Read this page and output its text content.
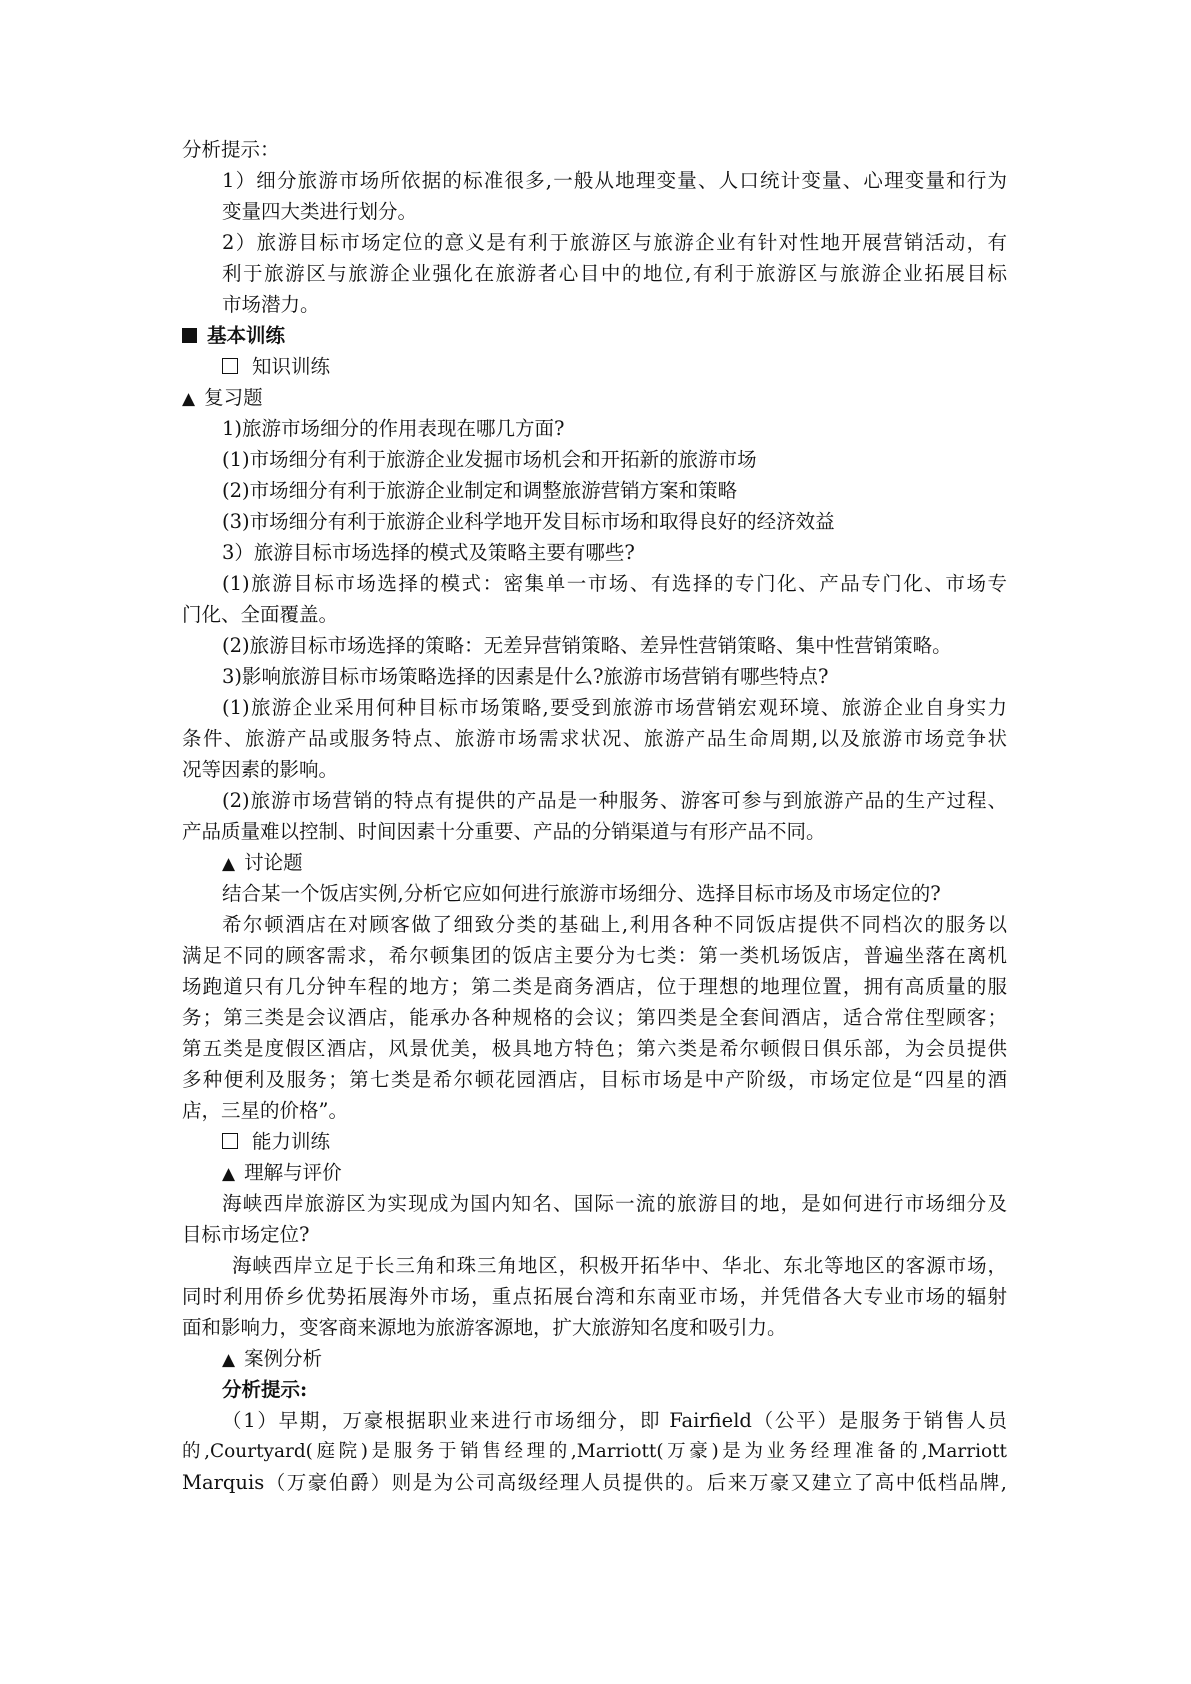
分析提示：
1）细分旅游市场所依据的标准很多,一般从地理变量、人口统计变量、心理变量和行为
变量四大类进行划分。
2）旅游目标市场定位的意义是有利于旅游区与旅游企业有针对性地开展营销活动，有
利于旅游区与旅游企业强化在旅游者心目中的地位,有利于旅游区与旅游企业拓展目标
市场潜力。
基本训练
知识训练
▲ 复习题
1)旅游市场细分的作用表现在哪几方面?
(1)市场细分有利于旅游企业发掘市场机会和开拓新的旅游市场
(2)市场细分有利于旅游企业制定和调整旅游营销方案和策略
(3)市场细分有利于旅游企业科学地开发目标市场和取得良好的经济效益
3）旅游目标市场选择的模式及策略主要有哪些?
(1)旅游目标市场选择的模式：密集单一市场、有选择的专门化、产品专门化、市场专
门化、全面覆盖。
(2)旅游目标市场选择的策略：无差异营销策略、差异性营销策略、集中性营销策略。
3)影响旅游目标市场策略选择的因素是什么?旅游市场营销有哪些特点?
(1)旅游企业采用何种目标市场策略,要受到旅游市场营销宏观环境、旅游企业自身实力
条件、旅游产品或服务特点、旅游市场需求状况、旅游产品生命周期,以及旅游市场竞争状
况等因素的影响。
(2)旅游市场营销的特点有提供的产品是一种服务、游客可参与到旅游产品的生产过程、
产品质量难以控制、时间因素十分重要、产品的分销渠道与有形产品不同。
▲ 讨论题
结合某一个饭店实例,分析它应如何进行旅游市场细分、选择目标市场及市场定位的?
希尔顿酒店在对顾客做了细致分类的基础上,利用各种不同饭店提供不同档次的服务以
满足不同的顾客需求，希尔顿集团的饭店主要分为七类：第一类机场饭店，普遍坐落在离机
场跑道只有几分钟车程的地方；第二类是商务酒店，位于理想的地理位置，拥有高质量的服
务；第三类是会议酒店，能承办各种规格的会议；第四类是全套间酒店，适合常住型顾客；
第五类是度假区酒店，风景优美，极具地方特色；第六类是希尔顿假日俱乐部，为会员提供
多种便利及服务；第七类是希尔顿花园酒店，目标市场是中产阶级，市场定位是“四星的酒
店，三星的价格”。
能力训练
▲ 理解与评价
海峡西岸旅游区为实现成为国内知名、国际一流的旅游目的地，是如何进行市场细分及
目标市场定位?
海峡西岸立足于长三角和珠三角地区，积极开拓华中、华北、东北等地区的客源市场，
同时利用侨乡优势拓展海外市场，重点拓展台湾和东南亚市场，并凭借各大专业市场的辐射
面和影响力，变客商来源地为旅游客源地，扩大旅游知名度和吸引力。
▲ 案例分析
分析提示:
（1）早期，万豪根据职业来进行市场细分，即 Fairfield（公平）是服务于销售人员
的,Courtyard(庭院)是服务于销售经理的,Marriott(万豪)是为业务经理准备的,Marriott
Marquis（万豪伯爵）则是为公司高级经理人员提供的。后来万豪又建立了高中低档品牌,
